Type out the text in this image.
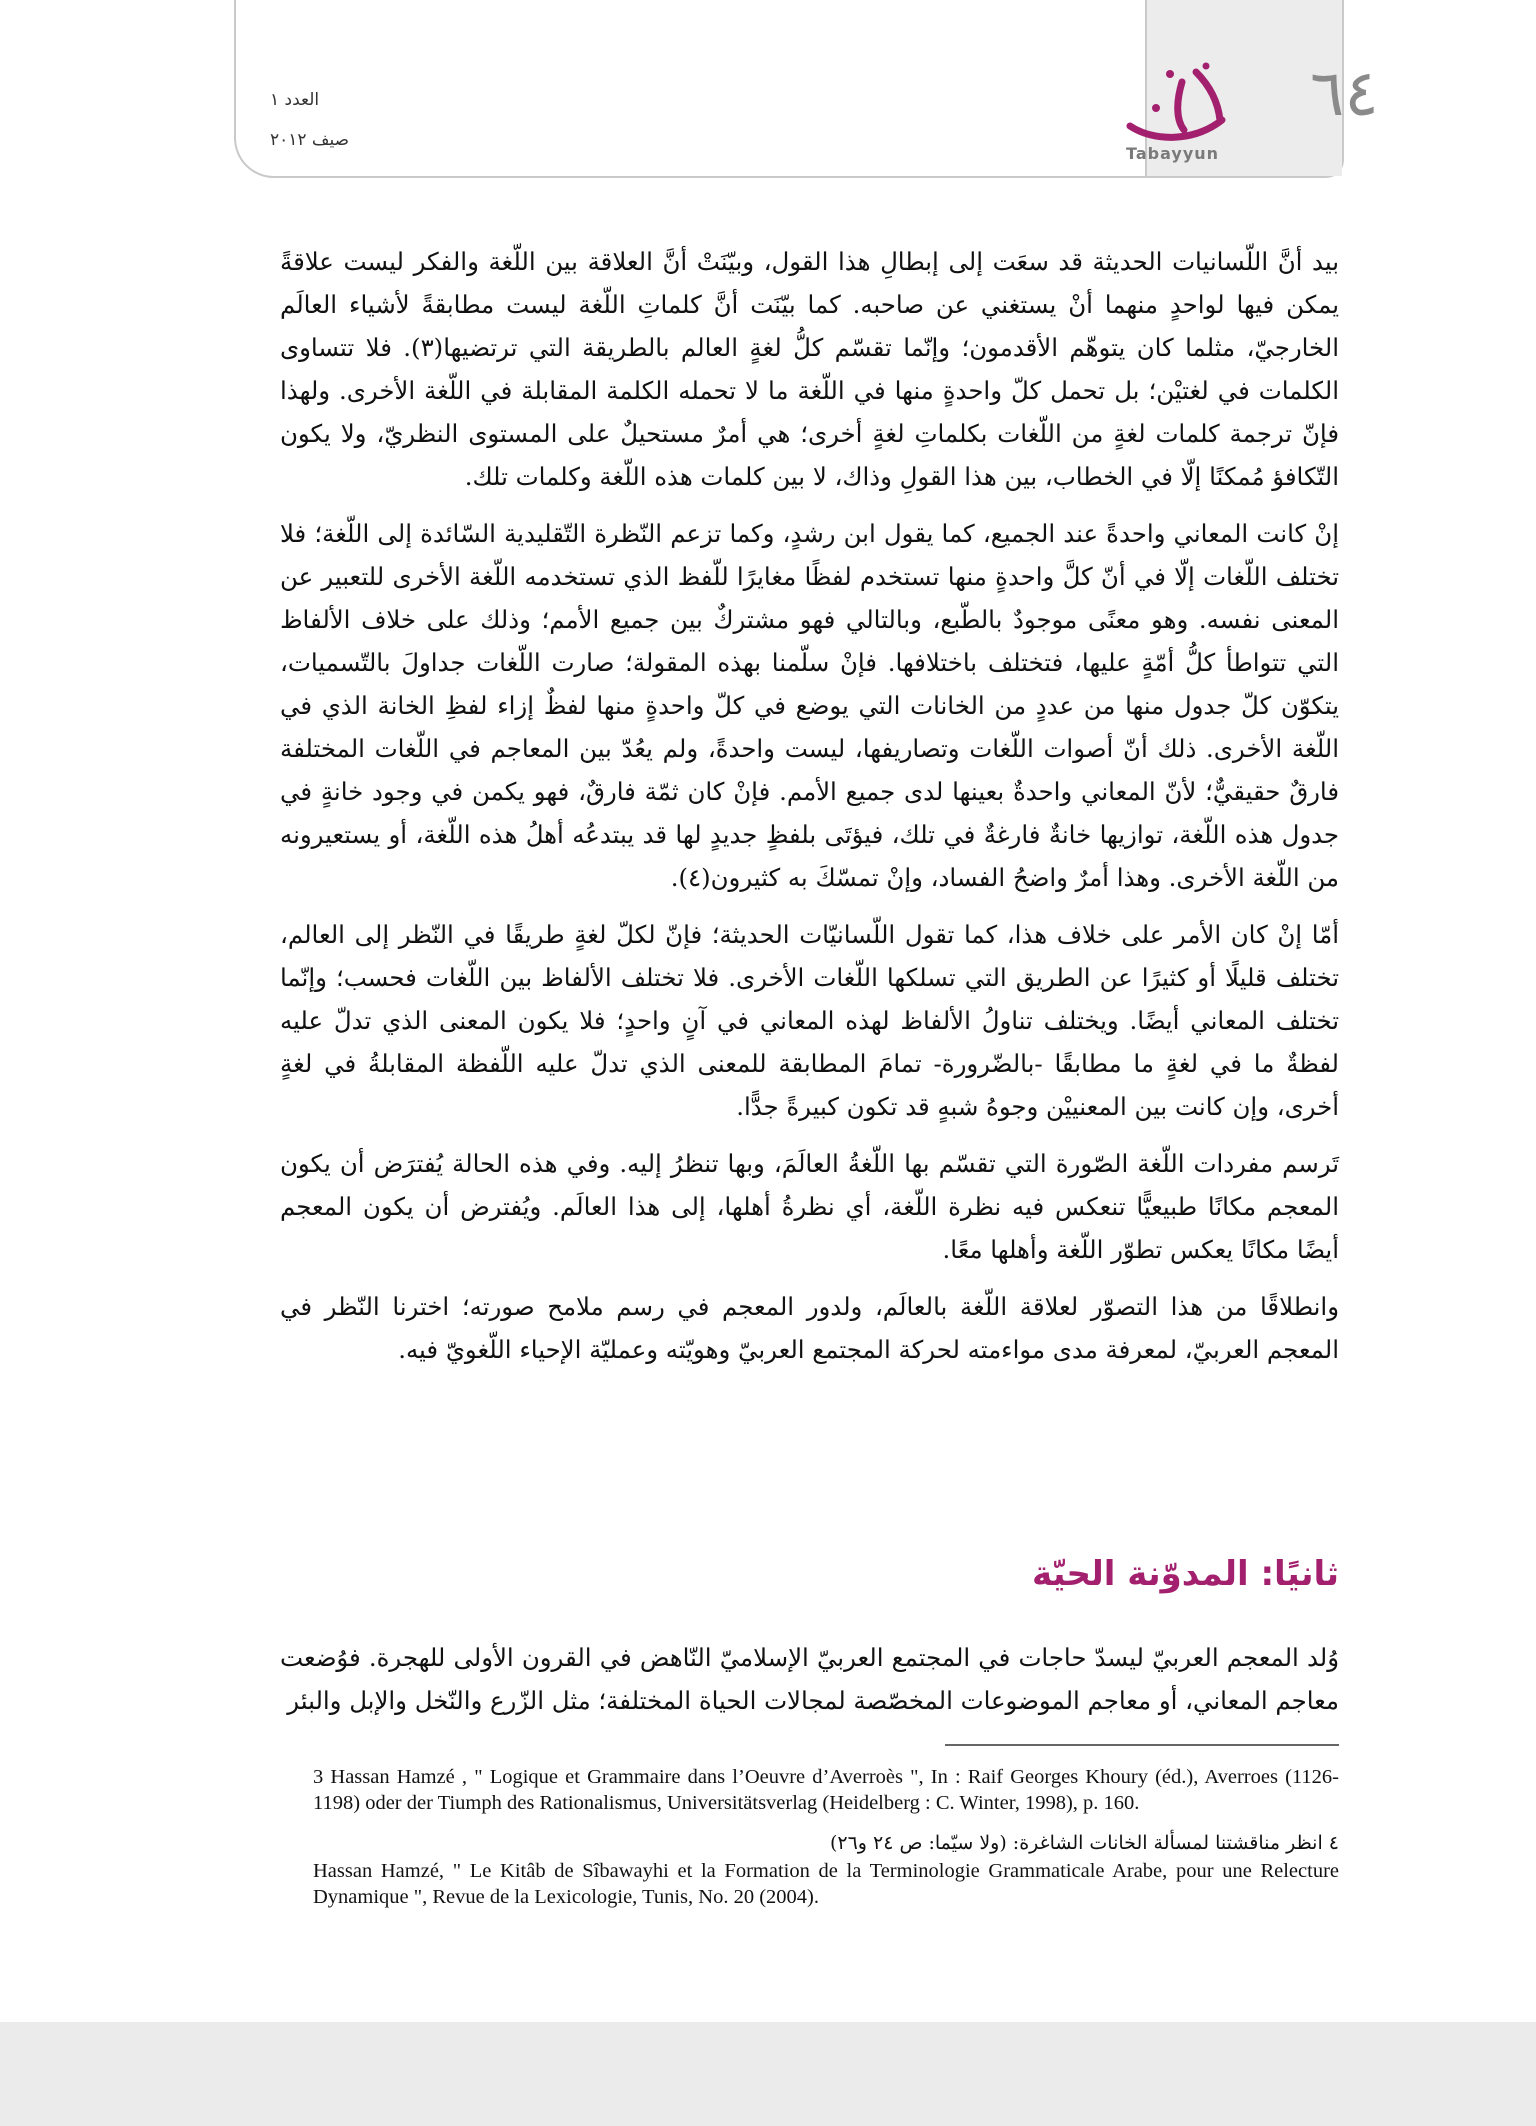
العدد ١
صيف ٢٠١٢
Tabayyun
٦٤

بيد أنَّ اللّسانيات الحديثة قد سعَت إلى إبطالِ هذا القول، وبيّنَتْ أنَّ العلاقة بين اللّغة والفكر ليست علاقةً يمكن فيها لواحدٍ منهما أنْ يستغني عن صاحبه. كما بيّنَت أنَّ كلماتِ اللّغة ليست مطابقةً لأشياء العالَم الخارجيّ، مثلما كان يتوهّم الأقدمون؛ وإنّما تقسّم كلُّ لغةٍ العالم بالطريقة التي ترتضيها(٣). فلا تتساوى الكلمات في لغتيْن؛ بل تحمل كلّ واحدةٍ منها في اللّغة ما لا تحمله الكلمة المقابلة في اللّغة الأخرى. ولهذا فإنّ ترجمة كلمات لغةٍ من اللّغات بكلماتِ لغةٍ أخرى؛ هي أمرٌ مستحيلٌ على المستوى النظريّ، ولا يكون التّكافؤ مُمكنًا إلّا في الخطاب، بين هذا القولِ وذاك، لا بين كلمات هذه اللّغة وكلمات تلك.

إنْ كانت المعاني واحدةً عند الجميع، كما يقول ابن رشدٍ، وكما تزعم النّظرة التّقليدية السّائدة إلى اللّغة؛ فلا تختلف اللّغات إلّا في أنّ كلَّ واحدةٍ منها تستخدم لفظًا مغايرًا للّفظ الذي تستخدمه اللّغة الأخرى للتعبير عن المعنى نفسه. وهو معنًى موجودٌ بالطّبع، وبالتالي فهو مشتركٌ بين جميع الأمم؛ وذلك على خلاف الألفاظ التي تتواطأ كلُّ أمّةٍ عليها، فتختلف باختلافها. فإنْ سلّمنا بهذه المقولة؛ صارت اللّغات جداولَ بالتّسميات، يتكوّن كلّ جدول منها من عددٍ من الخانات التي يوضع في كلّ واحدةٍ منها لفظٌ إزاء لفظِ الخانة الذي في اللّغة الأخرى. ذلك أنّ أصوات اللّغات وتصاريفها، ليست واحدةً، ولم يعُدّ بين المعاجم في اللّغات المختلفة فارقٌ حقيقيٌّ؛ لأنّ المعاني واحدةٌ بعينها لدى جميع الأمم. فإنْ كان ثمّة فارقٌ، فهو يكمن في وجود خانةٍ في جدول هذه اللّغة، توازيها خانةٌ فارغةٌ في تلك، فيؤتَى بلفظٍ جديدٍ لها قد يبتدعُه أهلُ هذه اللّغة، أو يستعيرونه من اللّغة الأخرى. وهذا أمرٌ واضحُ الفساد، وإنْ تمسّكَ به كثيرون(٤).

أمّا إنْ كان الأمر على خلاف هذا، كما تقول اللّسانيّات الحديثة؛ فإنّ لكلّ لغةٍ طريقًا في النّظر إلى العالم، تختلف قليلًا أو كثيرًا عن الطريق التي تسلكها اللّغات الأخرى. فلا تختلف الألفاظ بين اللّغات فحسب؛ وإنّما تختلف المعاني أيضًا. ويختلف تناولُ الألفاظ لهذه المعاني في آنٍ واحدٍ؛ فلا يكون المعنى الذي تدلّ عليه لفظةٌ ما في لغةٍ ما مطابقًا -بالضّرورة- تمامَ المطابقة للمعنى الذي تدلّ عليه اللّفظة المقابلةُ في لغةٍ أخرى، وإن كانت بين المعنييْن وجوهُ شبهٍ قد تكون كبيرةً جدًّا.

تَرسم مفردات اللّغة الصّورة التي تقسّم بها اللّغةُ العالَمَ، وبها تنظرُ إليه. وفي هذه الحالة يُفترَض أن يكون المعجم مكانًا طبيعيًّا تنعكس فيه نظرة اللّغة، أي نظرةُ أهلها، إلى هذا العالَم. ويُفترض أن يكون المعجم أيضًا مكانًا يعكس تطوّر اللّغة وأهلها معًا.

وانطلاقًا من هذا التصوّر لعلاقة اللّغة بالعالَم، ولدور المعجم في رسم ملامح صورته؛ اخترنا النّظر في المعجم العربيّ، لمعرفة مدى مواءمته لحركة المجتمع العربيّ وهويّته وعمليّة الإحياء اللّغويّ فيه.

ثانيًا: المدوّنة الحيّة

وُلد المعجم العربيّ ليسدّ حاجات في المجتمع العربيّ الإسلاميّ النّاهض في القرون الأولى للهجرة. فوُضعت معاجم المعاني، أو معاجم الموضوعات المخصّصة لمجالات الحياة المختلفة؛ مثل الزّرع والنّخل والإبل والبئر

3 Hassan Hamzé , " Logique et Grammaire dans l’Oeuvre d’Averroès ", In : Raif Georges Khoury (éd.), Averroes (1126-1198) oder der Tiumph des Rationalismus, Universitätsverlag (Heidelberg : C. Winter, 1998), p. 160.

٤ انظر مناقشتنا لمسألة الخانات الشاغرة: (ولا سيّما: ص ٢٤ و٢٦)

Hassan Hamzé, " Le Kitâb de Sîbawayhi et la Formation de la Terminologie Grammaticale Arabe, pour une Relecture Dynamique ", Revue de la Lexicologie, Tunis, No. 20 (2004).
